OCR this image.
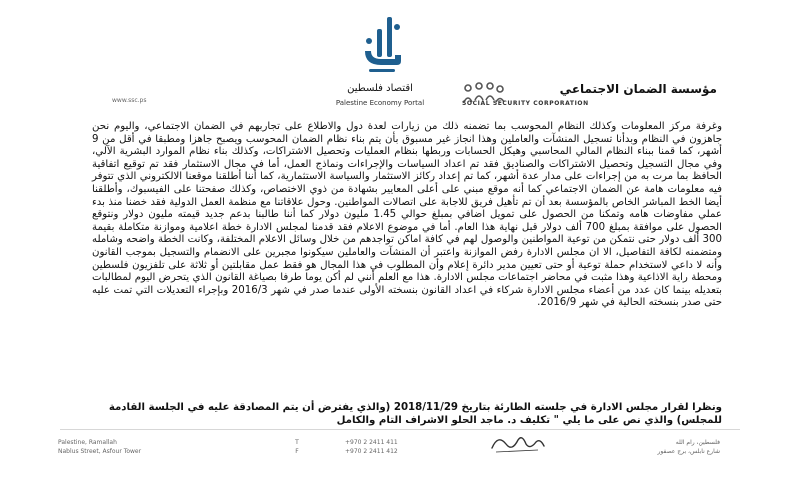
مؤسسة الضمان الاجتماعي
SOCIAL SECURITY CORPORATION
اقتصاد فلسطين
Palestine Economy Portal
www.ssc.ps

وغرفة مركز المعلومات وكذلك النظام المحوسب بما تضمنه ذلك من زيارات لعدة دول والاطلاع على تجاربهم في الضمان الاجتماعي، واليوم نحن جاهزون في النظام وبدأنا تسجيل المنشآت والعاملين وهذا انجاز غير مسبوق بأن يتم بناء نظام الضمان المحوسب ويصبح جاهزا ومطبقا في أقل من 9 أشهر، كما قمنا ببناء النظام المالي المحاسبي وهيكل الحسابات وربطها بنظام العمليات وتحصيل الاشتراكات، وكذلك بناء نظام الموارد البشرية الآلي، وفي مجال التسجيل وتحصيل الاشتراكات والصناديق فقد تم اعداد السياسات والإجراءات ونماذج العمل، أما في مجال الاستثمار فقد تم توقيع اتفاقية الحافظ بما مرت به من إجراءات على مدار عدة أشهر، كما تم إعداد ركائز الاستثمار والسياسة الاستثمارية، كما أننا أطلقنا موقعنا الالكتروني الذي تتوفر فيه معلومات هامة عن الضمان الاجتماعي كما أنه موقع مبني على أعلى المعايير بشهادة من ذوي الاختصاص، وكذلك صفحتنا على الفيسبوك، وأطلقنا أيضا الخط المباشر الخاص بالمؤسسة بعد أن تم تأهيل فريق للاجابة على اتصالات المواطنين. وحول علاقاتنا مع منظمة العمل الدولية فقد خضنا منذ بدء عملي مفاوضات هامه وتمكنا من الحصول على تمويل اضافي بمبلغ حوالي 1.45 مليون دولار كما أننا طالبنا بدعم جديد قيمته مليون دولار ونتوقع الحصول على موافقة بمبلغ 700 ألف دولار قبل نهاية هذا العام. أما في موضوع الاعلام فقد قدمنا لمجلس الادارة خطة اعلامية وموازنة متكاملة بقيمة 300 ألف دولار حتى نتمكن من توعية المواطنين والوصول لهم في كافة اماكن تواجدهم من خلال وسائل الاعلام المختلفة، وكانت الخطة واضحه وشامله ومتضمنه لكافة التفاصيل، الا ان مجلس الادارة رفض الموازنة واعتبر أن المنشآت والعاملين سيكونوا مجبرين على الانضمام والتسجيل بموجب القانون وأنه لا داعي لاستخدام حملة توعية أو حتى تعيين مدير دائرة إعلام وأن المطلوب في هذا المجال هو فقط عمل مقابلتين أو ثلاثة على تلفزيون فلسطين ومحطة راية الاذاعية وهذا مثبت في محاضر اجتماعات مجلس الادارة. هذا مع العلم أنني لم أكن يوما طرفا بصياغة القانون الذي يتحرض اليوم لمطالبات بتعديله بينما كان عدد من أعضاء مجلس الادارة شركاء في اعداد القانون بنسخته الأولى عندما صدر في شهر 2016/3 وبإجراء التعديلات التي تمت عليه حتى صدر بنسخته الحالية في شهر 2016/9.

ونظرا لقرار مجلس الادارة في جلسته الطارئة بتاريخ 2018/11/29 (والذي يفترض أن يتم المصادقة عليه في الجلسة القادمة للمجلس) والذي نص على ما يلي " تكليف د. ماجد الحلو الاشراف التام والكامل

Palestine, Ramallah
Nablus Street, Asfour Tower
T
F
+970 2 2411 411
+970 2 2411 412
فلسطين، رام الله
شارع نابلس، برج عصفور
